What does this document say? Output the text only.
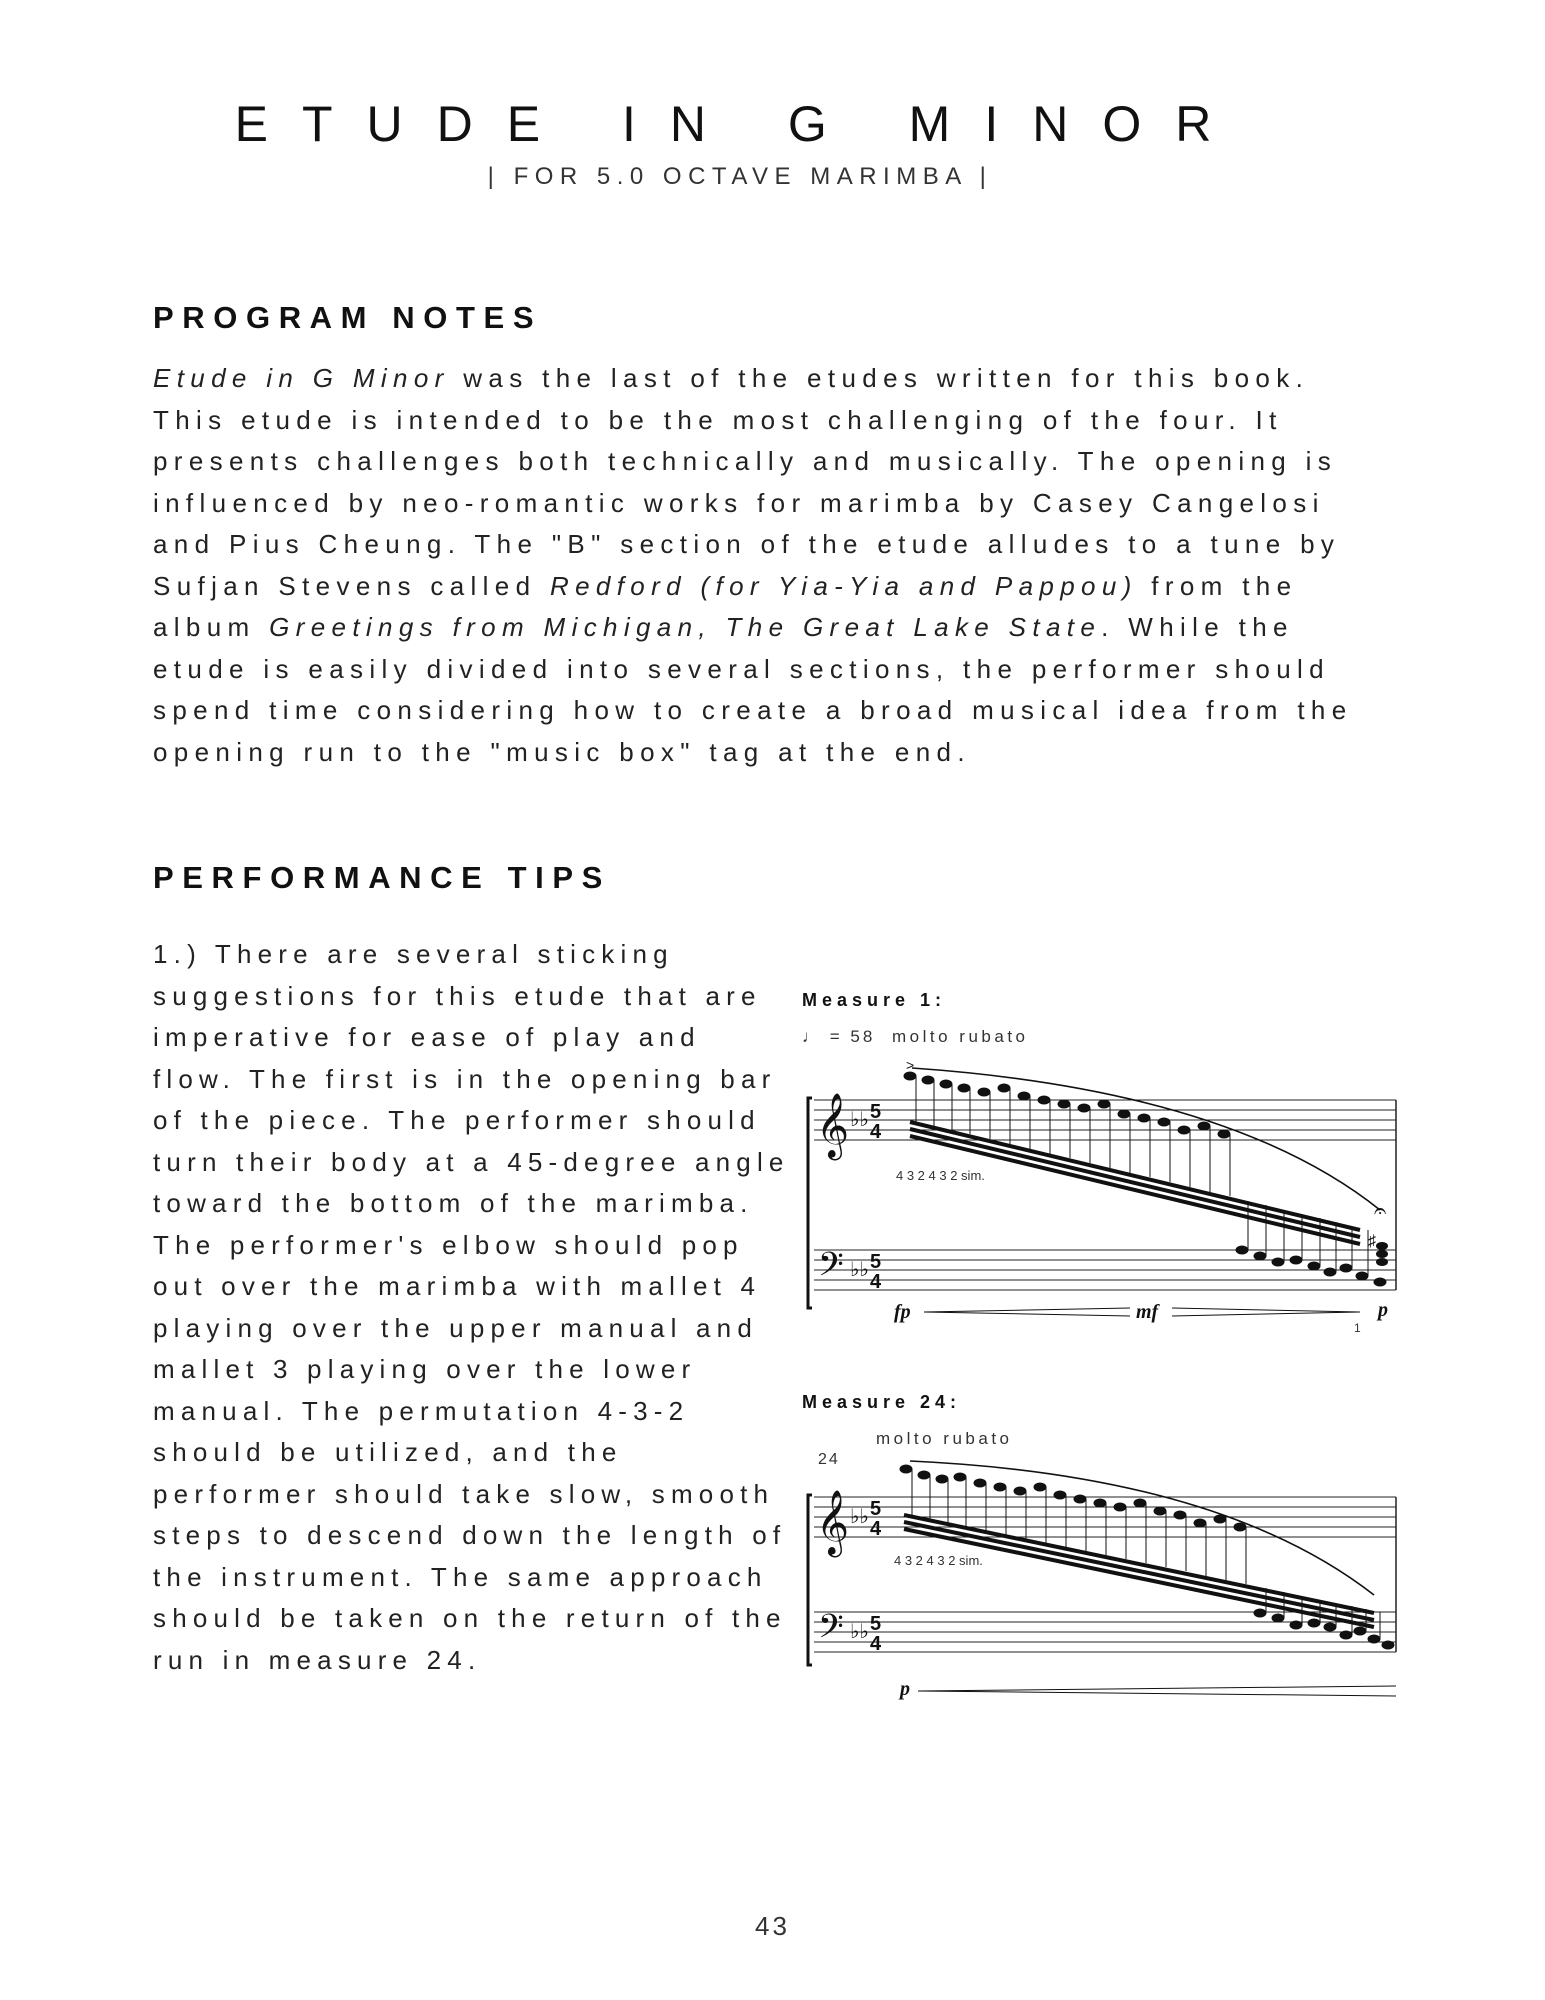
ETUDE IN G MINOR
| FOR 5.0 OCTAVE MARIMBA |
PROGRAM NOTES

Etude in G Minor was the last of the etudes written for this book. This etude is intended to be the most challenging of the four. It presents challenges both technically and musically. The opening is influenced by neo-romantic works for marimba by Casey Cangelosi and Pius Cheung. The "B" section of the etude alludes to a tune by Sufjan Stevens called Redford (for Yia-Yia and Pappou) from the album Greetings from Michigan, The Great Lake State. While the etude is easily divided into several sections, the performer should spend time considering how to create a broad musical idea from the opening run to the "music box" tag at the end.

PERFORMANCE TIPS

1.) There are several sticking suggestions for this etude that are imperative for ease of play and flow. The first is in the opening bar of the piece. The performer should turn their body at a 45-degree angle toward the bottom of the marimba. The performer's elbow should pop out over the marimba with mallet 4 playing over the upper manual and mallet 3 playing over the lower manual. The permutation 4-3-2 should be utilized, and the performer should take slow, smooth steps to descend down the length of the instrument. The same approach should be taken on the return of the run in measure 24.

Measure 1:
♩ = 58 molto rubato
𝄞
𝄢
♭♭
♭♭
5
4
5
4
♯
𝄐
>
4 3 2 4 3 2 sim.
fp	mf	p
1
Measure 24:
molto rubato
24
𝄞
𝄢
♭♭
♭♭
5
4
5
4
4 3 2 4 3 2 sim.
p
43
